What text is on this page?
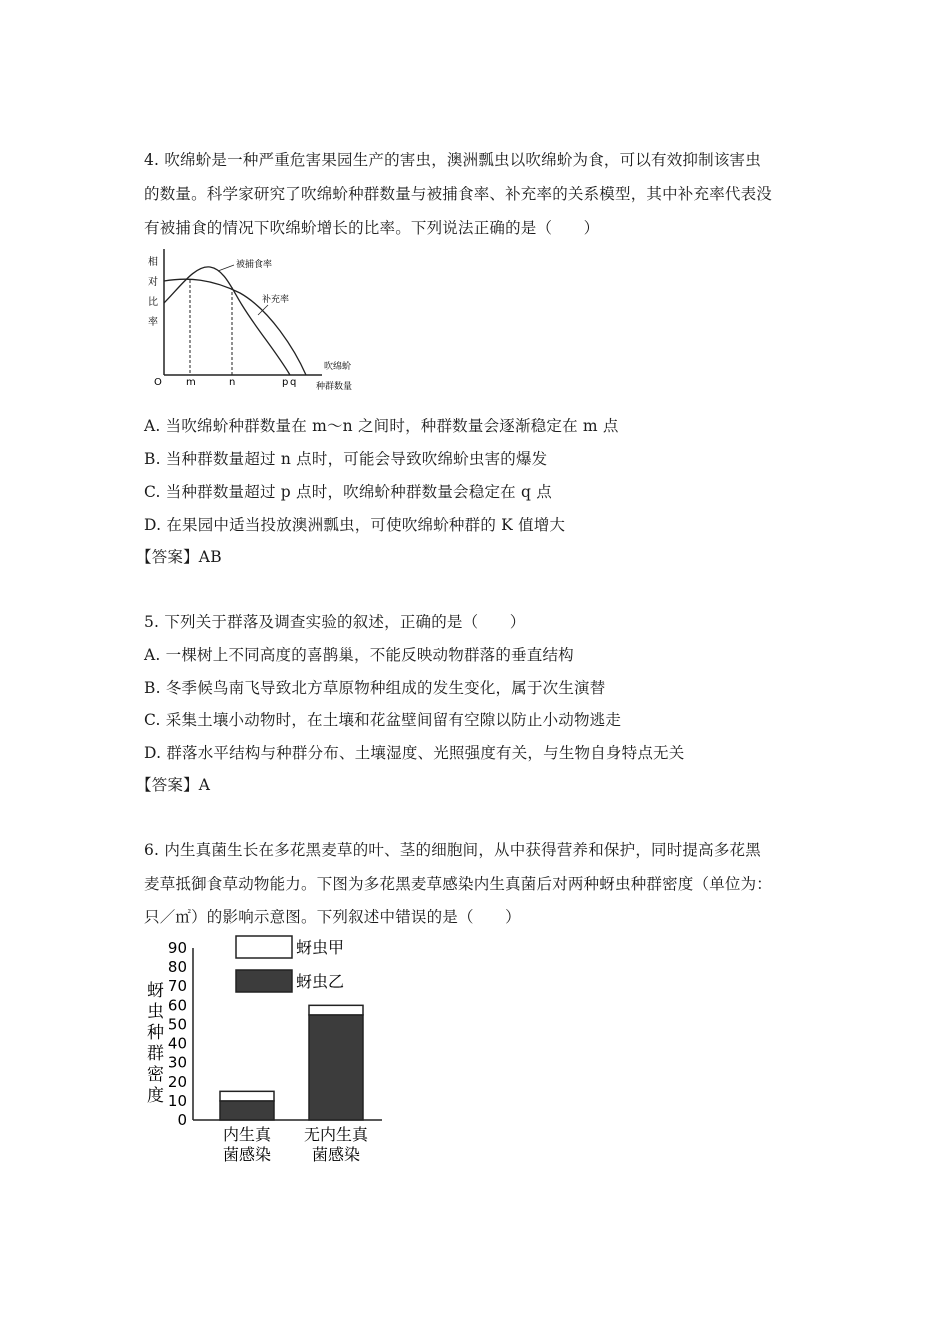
4. 吹绵蚧是一种严重危害果园生产的害虫，澳洲瓢虫以吹绵蚧为食，可以有效抑制该害虫
的数量。科学家研究了吹绵蚧种群数量与被捕食率、补充率的关系模型，其中补充率代表没
有被捕食的情况下吹绵蚧增长的比率。下列说法正确的是（　　）
相
对
比
率
被捕食率
补充率
O m	n	p q
吹绵蚧
种群数量
A. 当吹绵蚧种群数量在 m～n 之间时，种群数量会逐渐稳定在 m 点
B. 当种群数量超过 n 点时，可能会导致吹绵蚧虫害的爆发
C. 当种群数量超过 p 点时，吹绵蚧种群数量会稳定在 q 点
D. 在果园中适当投放澳洲瓢虫，可使吹绵蚧种群的 K 值增大
【答案】AB
5. 下列关于群落及调查实验的叙述，正确的是（　　）
A. 一棵树上不同高度的喜鹊巢，不能反映动物群落的垂直结构
B. 冬季候鸟南飞导致北方草原物种组成的发生变化，属于次生演替
C. 采集土壤小动物时，在土壤和花盆壁间留有空隙以防止小动物逃走
D. 群落水平结构与种群分布、土壤湿度、光照强度有关，与生物自身特点无关
【答案】A
6. 内生真菌生长在多花黑麦草的叶、茎的细胞间，从中获得营养和保护，同时提高多花黑
麦草抵御食草动物能力。下图为多花黑麦草感染内生真菌后对两种蚜虫种群密度（单位为：
只／㎡）的影响示意图。下列叙述中错误的是（　　）
蚜
虫
种
群
密
度
0
10
20
30
40
50
60
70
80
90	蚜虫甲
蚜虫乙
内生真
菌感染
无内生真
菌感染
